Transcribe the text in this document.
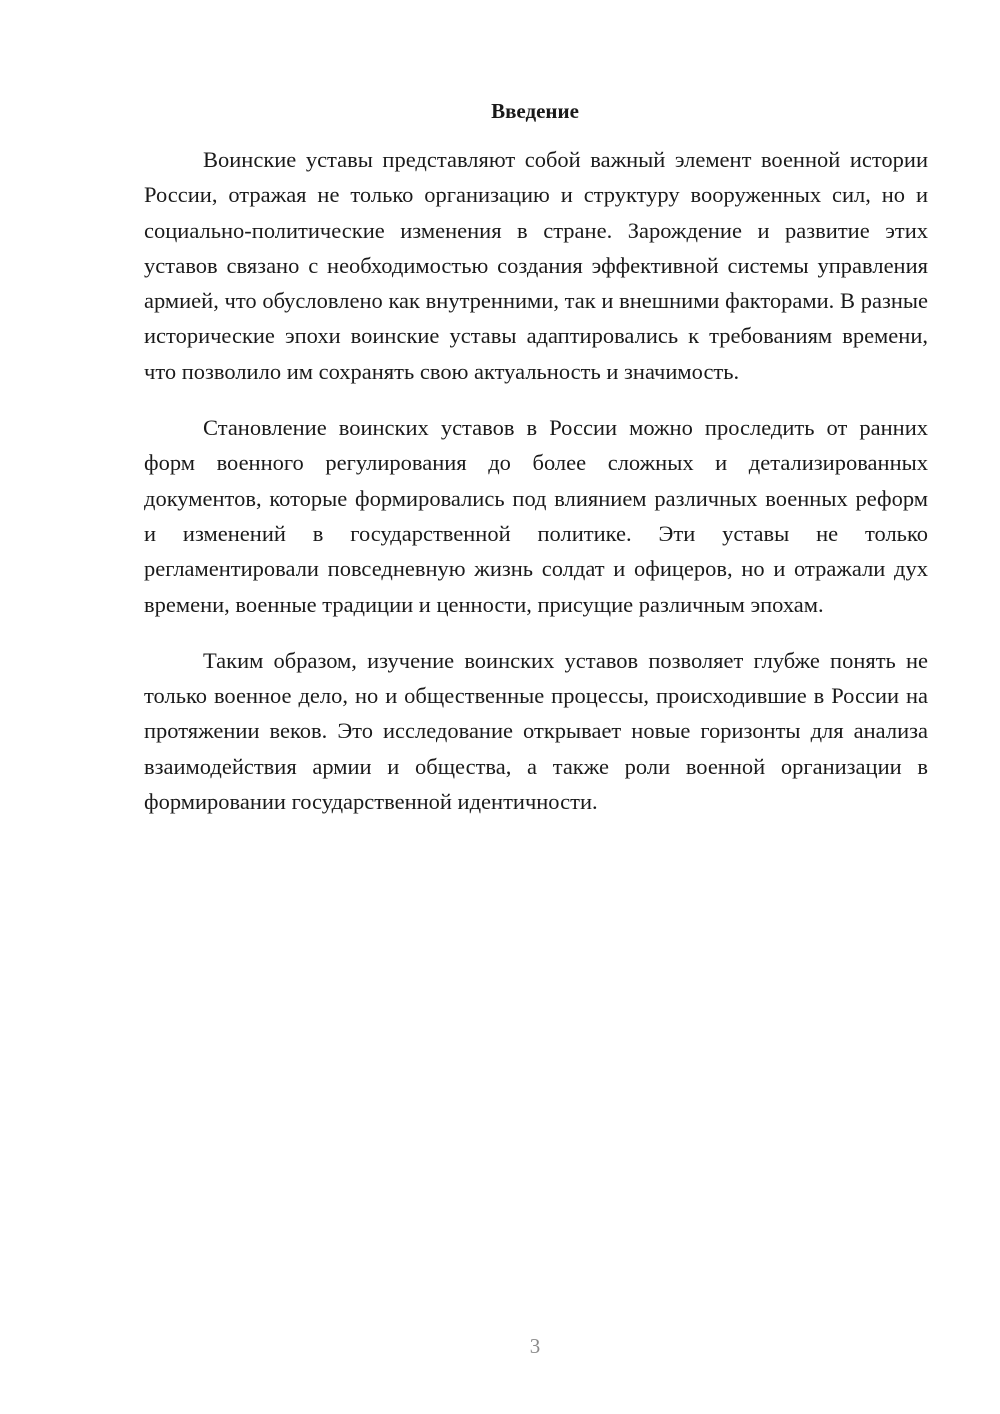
Введение

Воинские уставы представляют собой важный элемент военной истории России, отражая не только организацию и структуру вооруженных сил, но и социально-политические изменения в стране. Зарождение и развитие этих уставов связано с необходимостью создания эффективной системы управления армией, что обусловлено как внутренними, так и внешними факторами. В разные исторические эпохи воинские уставы адаптировались к требованиям времени, что позволило им сохранять свою актуальность и значимость.

Становление воинских уставов в России можно проследить от ранних форм военного регулирования до более сложных и детализированных документов, которые формировались под влиянием различных военных реформ и изменений в государственной политике. Эти уставы не только регламентировали повседневную жизнь солдат и офицеров, но и отражали дух времени, военные традиции и ценности, присущие различным эпохам.

Таким образом, изучение воинских уставов позволяет глубже понять не только военное дело, но и общественные процессы, происходившие в России на протяжении веков. Это исследование открывает новые горизонты для анализа взаимодействия армии и общества, а также роли военной организации в формировании государственной идентичности.

3
